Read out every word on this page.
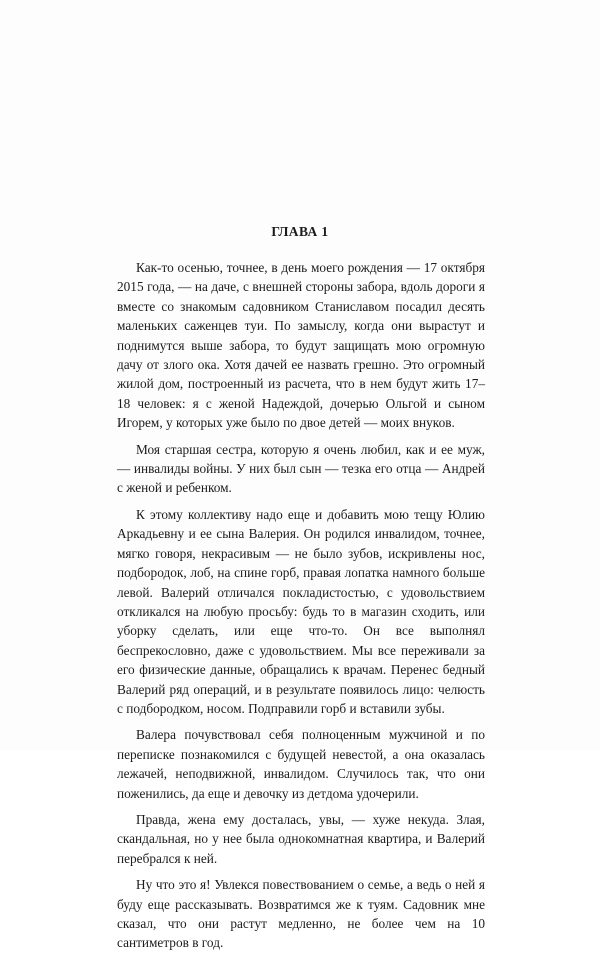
ГЛАВА 1

Как-то осенью, точнее, в день моего рождения — 17 октября 2015 года, — на даче, с внешней стороны забора, вдоль дороги я вместе со знакомым садовником Станиславом посадил десять маленьких саженцев туи. По замыслу, когда они вырастут и поднимутся выше забора, то будут защищать мою огромную дачу от злого ока. Хотя дачей ее назвать грешно. Это огромный жилой дом, построенный из расчета, что в нем будут жить 17–18 человек: я с женой Надеждой, дочерью Ольгой и сыном Игорем, у которых уже было по двое детей — моих внуков.

Моя старшая сестра, которую я очень любил, как и ее муж, — инвалиды войны. У них был сын — тезка его отца — Андрей с женой и ребенком.

К этому коллективу надо еще и добавить мою тещу Юлию Аркадьевну и ее сына Валерия. Он родился инвалидом, точнее, мягко говоря, некрасивым — не было зубов, искривлены нос, подбородок, лоб, на спине горб, правая лопатка намного больше левой. Валерий отличался покладистостью, с удовольствием откликался на любую просьбу: будь то в магазин сходить, или уборку сделать, или еще что-то. Он все выполнял беспрекословно, даже с удовольствием. Мы все переживали за его физические данные, обращались к врачам. Перенес бедный Валерий ряд операций, и в результате появилось лицо: челюсть с подбородком, носом. Подправили горб и вставили зубы.

Валера почувствовал себя полноценным мужчиной и по переписке познакомился с будущей невестой, а она оказалась лежачей, неподвижной, инвалидом. Случилось так, что они поженились, да еще и девочку из детдома удочерили.

Правда, жена ему досталась, увы, — хуже некуда. Злая, скандальная, но у нее была однокомнатная квартира, и Валерий перебрался к ней.

Ну что это я! Увлекся повествованием о семье, а ведь о ней я буду еще рассказывать. Возвратимся же к туям. Садовник мне сказал, что они растут медленно, не более чем на 10 сантиметров в год.
